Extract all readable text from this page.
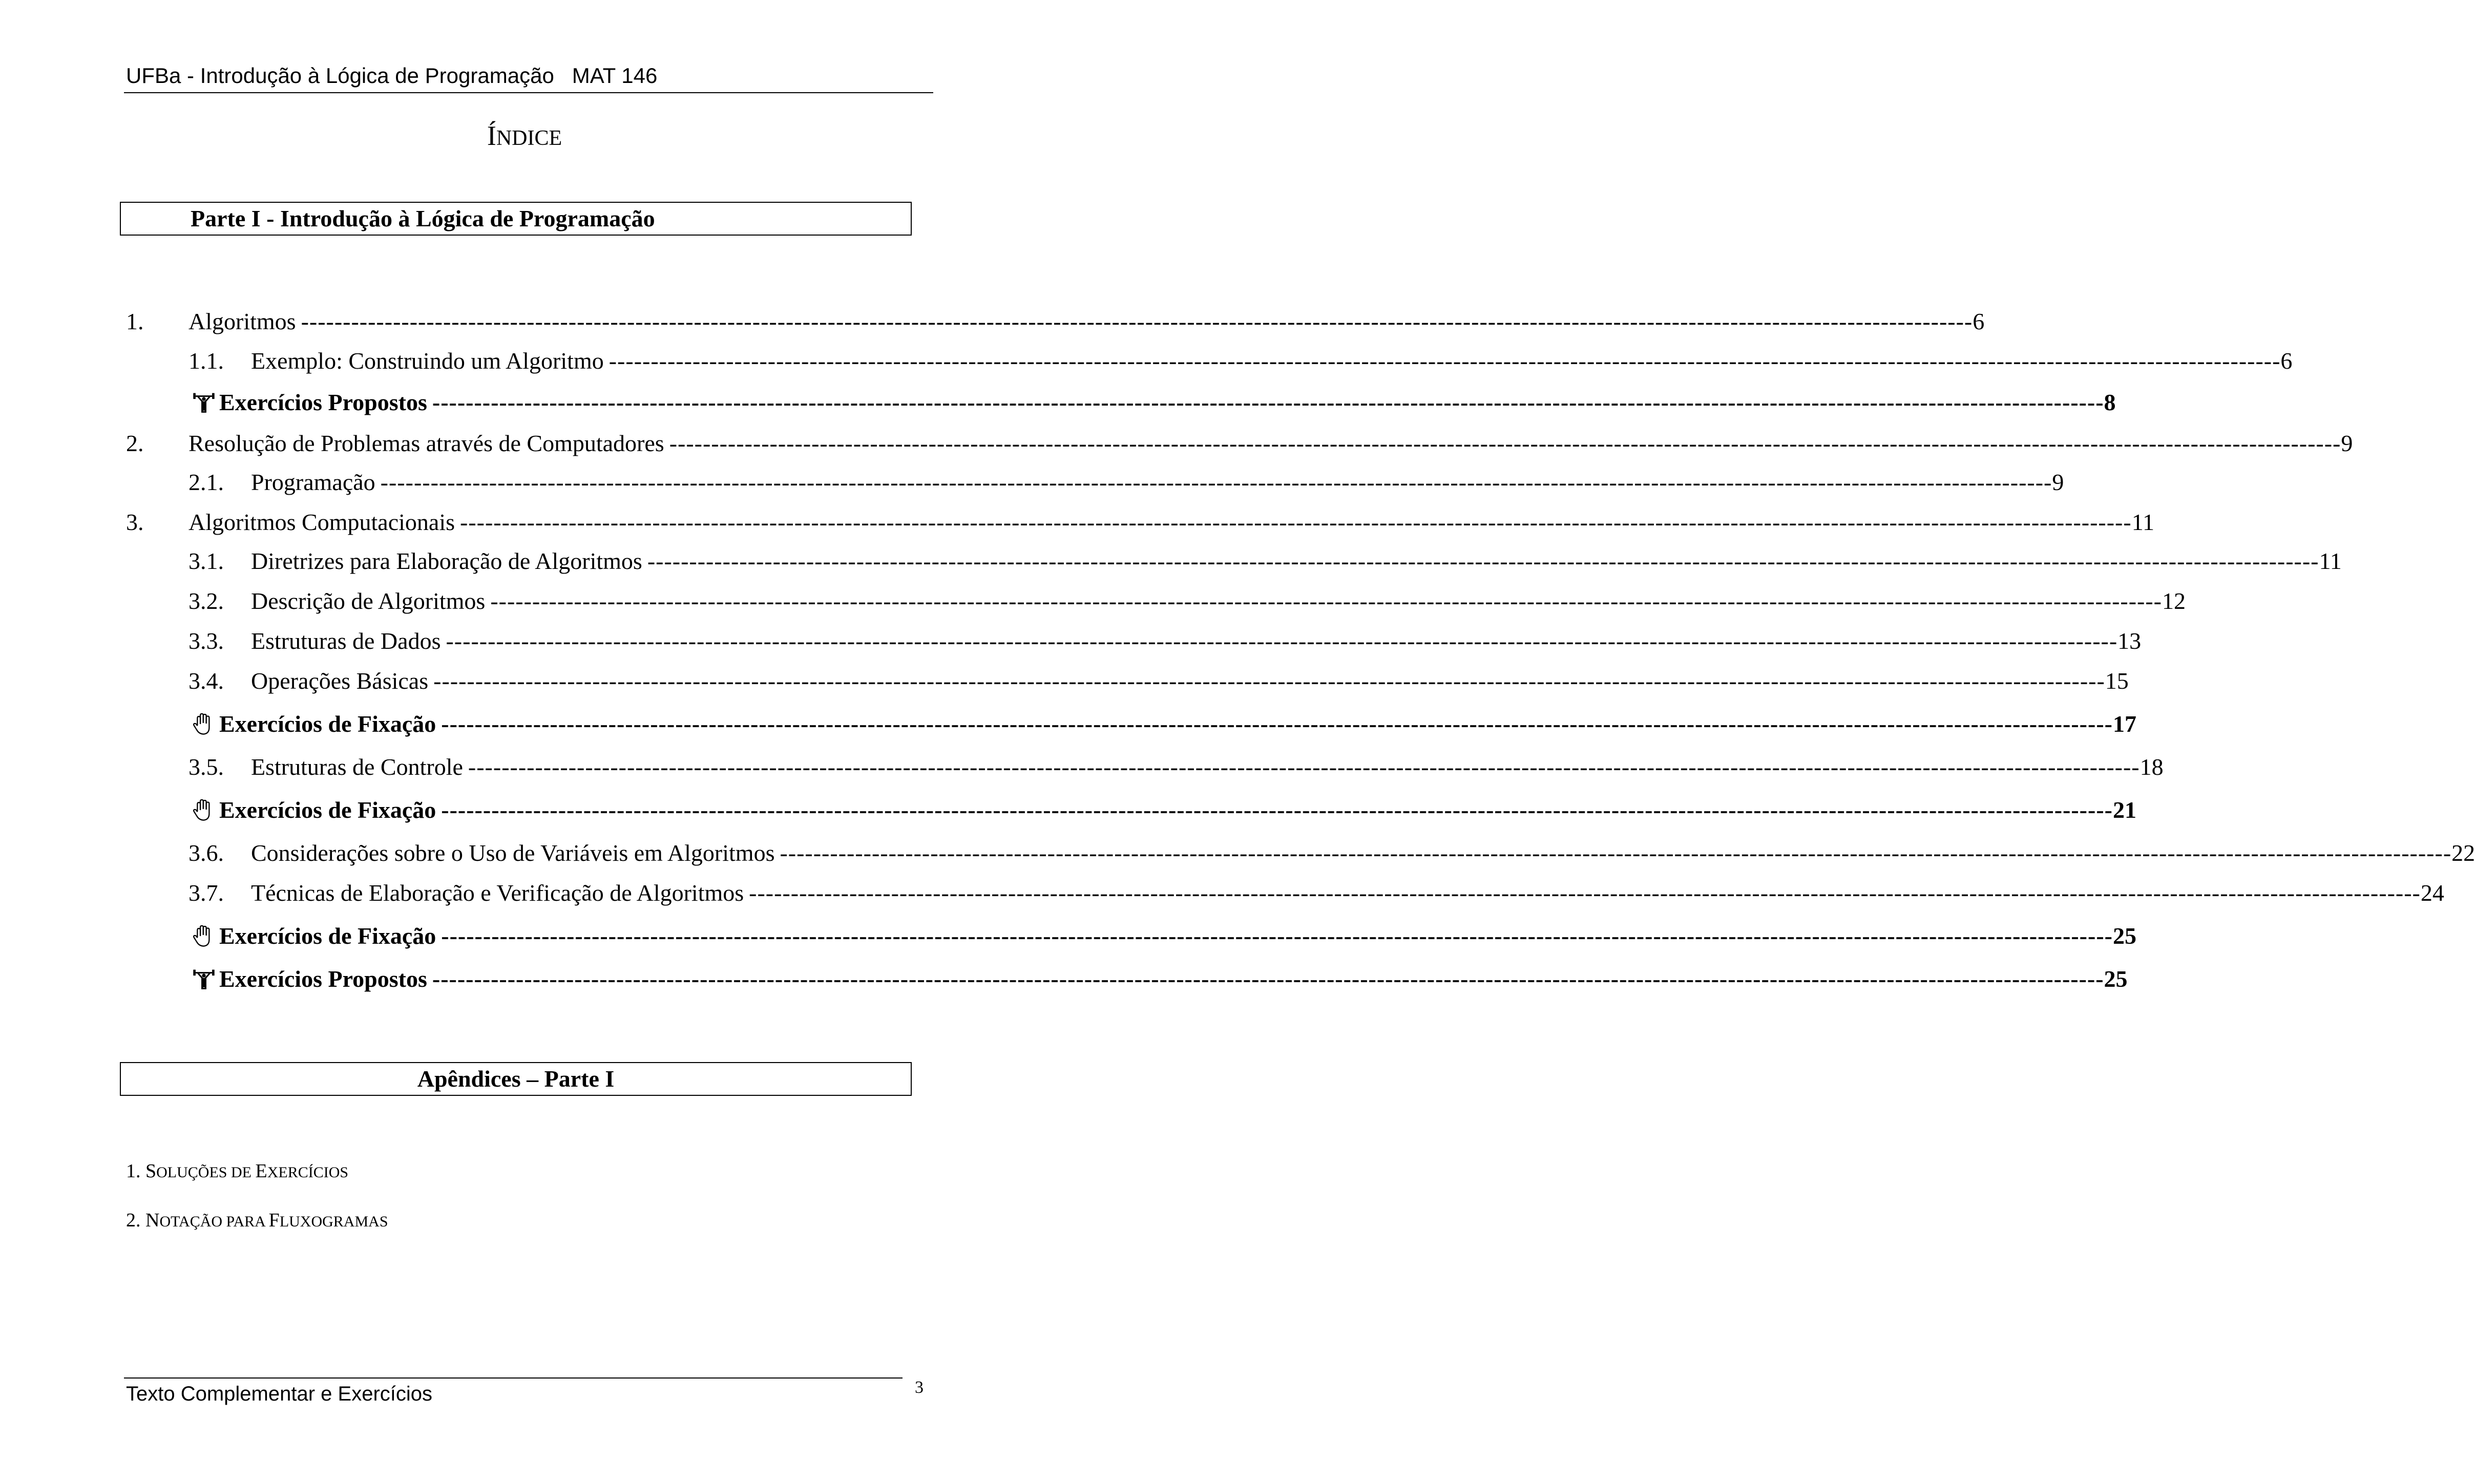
UFBa - Introdução à Lógica de Programação   MAT 146
ÍNDICE
Parte I - Introdução à Lógica de Programação
1. Algoritmos -------------------------------------------------------------------------------------------------------------------------------------------------------------------------------------------------------- 6
1.1. Exemplo: Construindo um Algoritmo -------------------------------------------------------------------------------------------------------------------------------------------------------------------------------------------------------- 6
Exercícios Propostos -------------------------------------------------------------------------------------------------------------------------------------------------------------------------------------------------------- 8
2. Resolução de Problemas através de Computadores -------------------------------------------------------------------------------------------------------------------------------------------------------------------------------------------------------- 9
2.1. Programação -------------------------------------------------------------------------------------------------------------------------------------------------------------------------------------------------------- 9
3. Algoritmos Computacionais -------------------------------------------------------------------------------------------------------------------------------------------------------------------------------------------------------- 11
3.1. Diretrizes para Elaboração de Algoritmos -------------------------------------------------------------------------------------------------------------------------------------------------------------------------------------------------------- 11
3.2. Descrição de Algoritmos -------------------------------------------------------------------------------------------------------------------------------------------------------------------------------------------------------- 12
3.3. Estruturas de Dados -------------------------------------------------------------------------------------------------------------------------------------------------------------------------------------------------------- 13
3.4. Operações Básicas -------------------------------------------------------------------------------------------------------------------------------------------------------------------------------------------------------- 15
Exercícios de Fixação -------------------------------------------------------------------------------------------------------------------------------------------------------------------------------------------------------- 17
3.5. Estruturas de Controle -------------------------------------------------------------------------------------------------------------------------------------------------------------------------------------------------------- 18
Exercícios de Fixação -------------------------------------------------------------------------------------------------------------------------------------------------------------------------------------------------------- 21
3.6. Considerações sobre o Uso de Variáveis em Algoritmos -------------------------------------------------------------------------------------------------------------------------------------------------------------------------------------------------------- 22
3.7. Técnicas de Elaboração e Verificação de Algoritmos -------------------------------------------------------------------------------------------------------------------------------------------------------------------------------------------------------- 24
Exercícios de Fixação -------------------------------------------------------------------------------------------------------------------------------------------------------------------------------------------------------- 25
Exercícios Propostos -------------------------------------------------------------------------------------------------------------------------------------------------------------------------------------------------------- 25
Apêndices – Parte I
1. SOLUÇÕES DE EXERCÍCIOS
2. NOTAÇÃO PARA FLUXOGRAMAS
Texto Complementar e Exercícios	3
